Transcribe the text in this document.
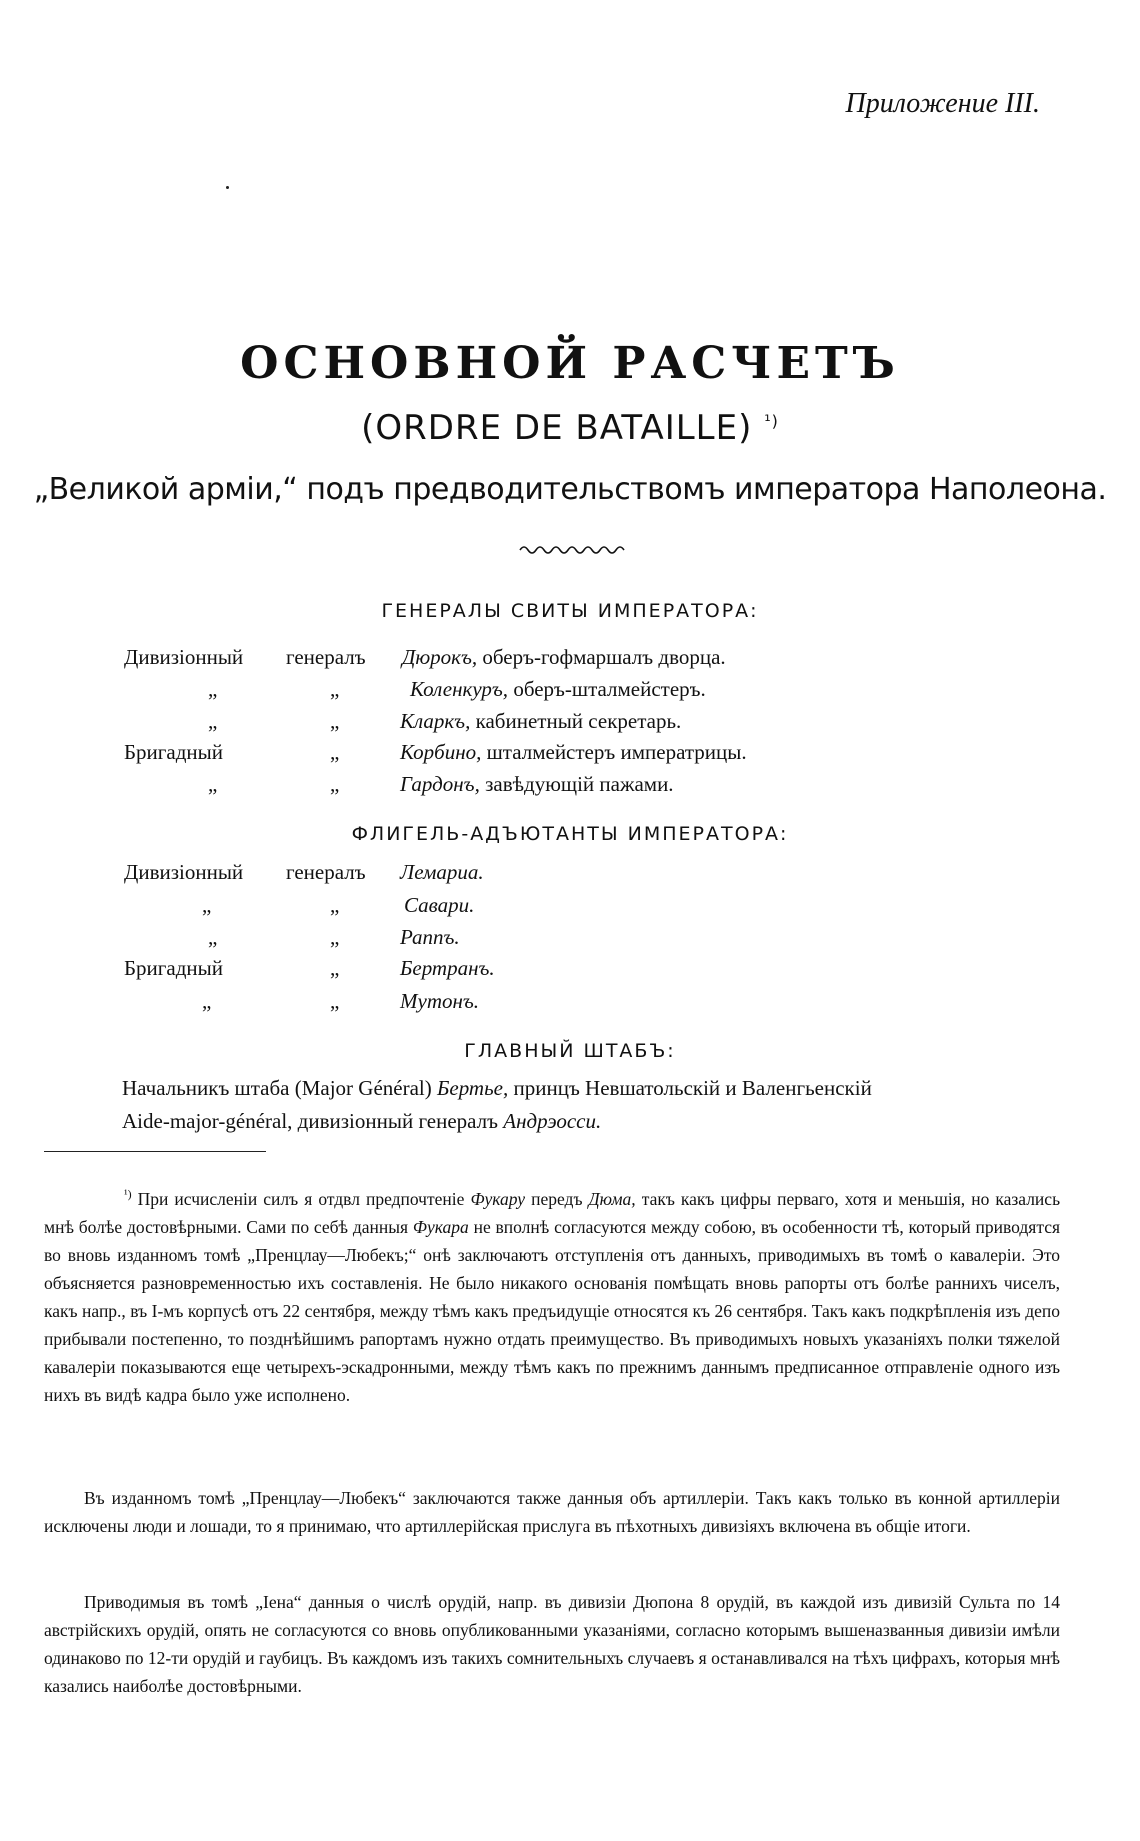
Приложение III.
ОСНОВНОЙ РАСЧЕТЪ
(ORDRE DE BATAILLE) $^{^1)}$
„Великой арміи,“ подъ предводительствомъ императора Наполеона.
ГЕНЕРАЛЫ СВИТЫ ИМПЕРАТОРА:
Дивизіонный генералъ Дюрокъ, оберъ-гофмаршалъ дворца.
„	„	Коленкуръ, оберъ-шталмейстеръ.
„	„	Кларкъ, кабинетный секретарь.
Бригадный	„	Корбино, шталмейстеръ императрицы.
„	„	Гардонъ, завѣдующій пажами.
ФЛИГЕЛЬ-АДЪЮТАНТЫ ИМПЕРАТОРА:
Дивизіонный генералъ Лемарua.
„	„	Савари.
„	„	Раппъ.
Бригадный	„	Бертранъ.
„	„	Мутонъ.
ГЛАВНЫЙ ШТАБЪ:
Начальникъ штаба (Major Général) Бертье, принцъ Невшатольскій и Валенгьенскій
Aide-major-général, дивизіонный генералъ Андрэосси.

$^{^1)}$ При исчисленіи силъ я отдвл предпочтеніе Фукару передъ Дюма, такъ какъ цифры перваго, хотя и меньшія, но казались мнѣ болѣе достовѣрными. Сами по себѣ данныя Фукара не вполнѣ согласуются между собою, въ особенности тѣ, который приводятся во вновь изданномъ томѣ „Пренцлау—Любекъ;“ онѣ заключаютъ отступленія отъ данныхъ, приводимыхъ въ томѣ о кавалеріи. Это объясняется разновременностью ихъ составленія. Не было никакого основанія помѣщать вновь рапорты отъ болѣе раннихъ чиселъ, какъ напр., въ I-мъ корпусѣ отъ 22 сентября, между тѣмъ какъ предъидущіе относятся къ 26 сентября. Такъ какъ подкрѣпленія изъ депо прибывали постепенно, то позднѣйшимъ рапортамъ нужно отдать преимущество. Въ приводимыхъ новыхъ указаніяхъ полки тяжелой кавалеріи показываются еще четырехъ-эскадронными, между тѣмъ какъ по прежнимъ даннымъ предписанное отправленіе одного изъ нихъ въ видѣ кадра было уже исполнено.

Въ изданномъ томѣ „Пренцлау—Любекъ“ заключаются также данныя объ артиллеріи. Такъ какъ только въ конной артиллеріи исключены люди и лошади, то я принимаю, что артиллерійская прислуга въ пѣхотныхъ дивизіяхъ включена въ общіе итоги.

Приводимыя въ томѣ „Іена“ данныя о числѣ орудій, напр. въ дивизіи Дюпона 8 орудій, въ каждой изъ дивизій Сульта по 14 австрійскихъ орудій, опять не согласуются со вновь опубликованными указаніями, согласно которымъ вышеназванныя дивизіи имѣли одинаково по 12-ти орудій и гаубицъ. Въ каждомъ изъ такихъ сомнительныхъ случаевъ я останавливался на тѣхъ цифрахъ, которыя мнѣ казались наиболѣе достовѣрными.
